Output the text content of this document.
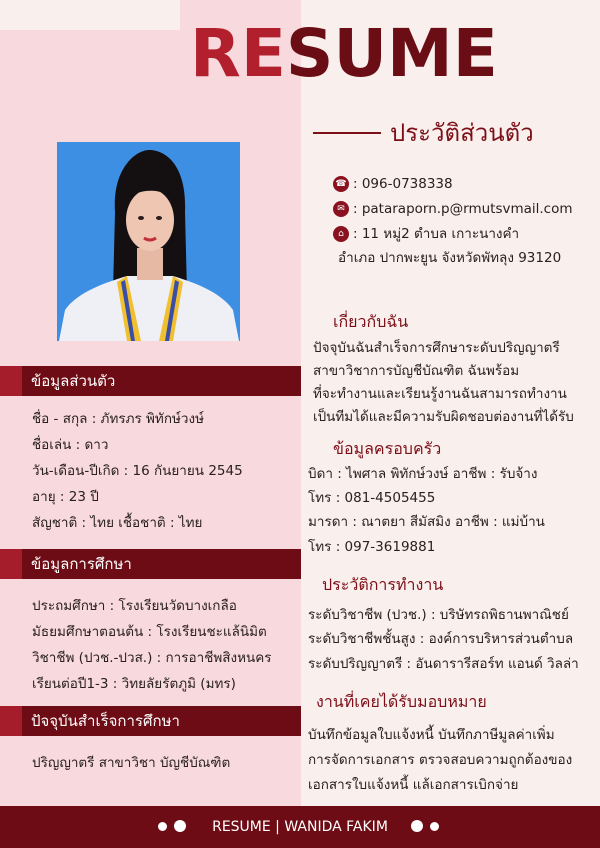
RESUME
ประวัติส่วนตัว
☎ : 096-0738338
✉ : pataraporn.p@rmutsvmail.com
⌂ : 11 หมู่2 ตำบล เกาะนางคำ
อำเภอ ปากพะยูน จังหวัดพัทลุง 93120
ข้อมูลส่วนตัว
ชื่อ - สกุล : ภัทรภร พิทักษ์วงษ์
ชื่อเล่น : ดาว
วัน-เดือน-ปีเกิด : 16 กันยายน 2545
อายุ : 23 ปี
สัญชาติ : ไทย เชื้อชาติ : ไทย
ข้อมูลการศึกษา
ประถมศึกษา : โรงเรียนวัดบางเกลือ
มัธยมศึกษาตอนต้น : โรงเรียนชะแล้นิมิต
วิชาชีพ (ปวช.-ปวส.) : การอาชีพสิงหนคร
เรียนต่อปี1-3 : วิทยลัยรัตภูมิ (มทร)
ปัจจุบันสำเร็จการศึกษา
ปริญญาตรี สาขาวิชา บัญชีบัณฑิต
เกี่ยวกับฉัน
ปัจจุบันฉันสำเร็จการศึกษาระดับปริญญาตรี
สาขาวิชาการบัญชีบัณฑิต ฉันพร้อม
ที่จะทำงานและเรียนรู้งานฉันสามารถทำงาน
เป็นทีมได้และมีความรับผิดชอบต่องานที่ได้รับ
ข้อมูลครอบครัว
บิดา : ไพศาล พิทักษ์วงษ์ อาชีพ : รับจ้าง
โทร : 081-4505455
มารดา : ณาตยา สีมัสมิง อาชีพ : แม่บ้าน
โทร : 097-3619881
ประวัติการทำงาน
ระดับวิชาชีพ (ปวช.) : บริษัทรถพิธานพาณิชย์
ระดับวิชาชีพชั้นสูง : องค์การบริหารส่วนตำบล
ระดับปริญญาตรี : อันดารารีสอร์ท แอนด์ วิลล่า
งานที่เคยได้รับมอบหมาย
บันทึกข้อมูลใบแจ้งหนี้ บันทึกภาษีมูลค่าเพิ่ม
การจัดการเอกสาร ตรวจสอบความถูกต้องของ
เอกสารใบแจ้งหนี้ แล้เอกสารเบิกจ่าย
RESUME | WANIDA FAKIM
